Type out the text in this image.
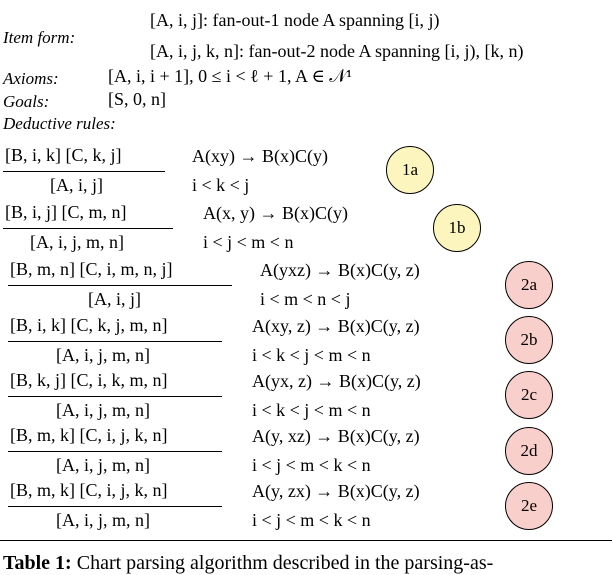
Item form:
[A, i, j]: fan-out-1 node A spanning [i, j)
[A, i, j, k, n]: fan-out-2 node A spanning [i, j), [k, n)
Axioms:	[A, i, i + 1], 0 ≤ i < ℓ + 1, A ∈ 𝒩¹
Goals:	[S, 0, n]
Deductive rules:
[B, i, k] [C, k, j]
[A, i, j]
A(xy) → B(x)C(y)
i < k < j
1a
[B, i, j] [C, m, n]
[A, i, j, m, n]
A(x, y) → B(x)C(y)
i < j < m < n
1b
[B, m, n] [C, i, m, n, j]
[A, i, j]
A(yxz) → B(x)C(y, z)
i < m < n < j
2a
[B, i, k] [C, k, j, m, n]
[A, i, j, m, n]
A(xy, z) → B(x)C(y, z)
i < k < j < m < n
2b
[B, k, j] [C, i, k, m, n]
[A, i, j, m, n]
A(yx, z) → B(x)C(y, z)
i < k < j < m < n
2c
[B, m, k] [C, i, j, k, n]
[A, i, j, m, n]
A(y, xz) → B(x)C(y, z)
i < j < m < k < n
2d
[B, m, k] [C, i, j, k, n]
[A, i, j, m, n]
A(y, zx) → B(x)C(y, z)
i < j < m < k < n
2e
Table 1: Chart parsing algorithm described in the parsing-as-
